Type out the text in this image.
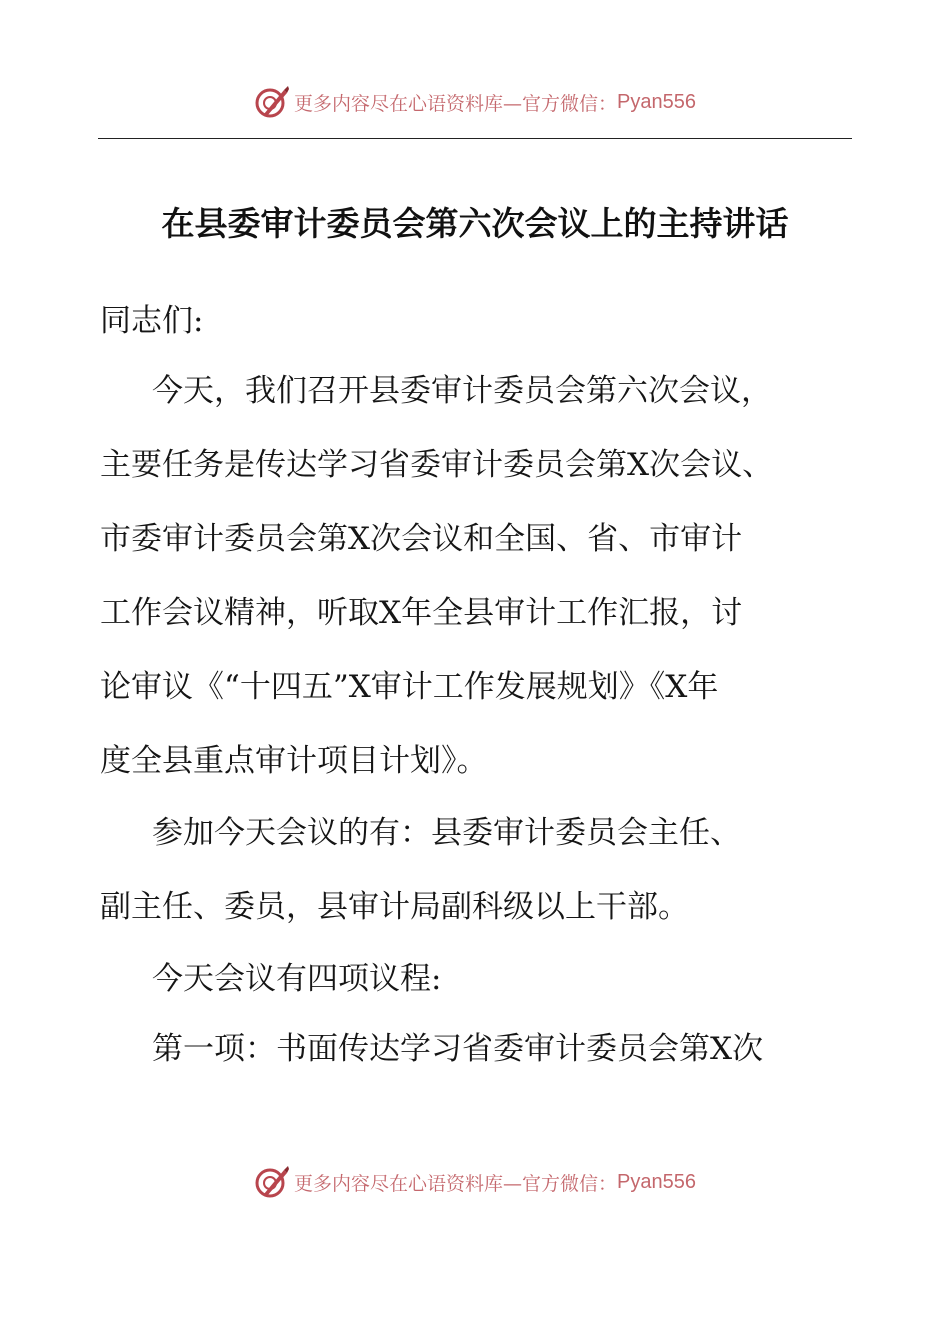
更多内容尽在心语资料库—官方微信： Pyan556
在县委审计委员会第六次会议上的主持讲话
同志们:
今天，我们召开县委审计委员会第六次会议，
主要任务是传达学习省委审计委员会第X次会议、
市委审计委员会第X次会议和全国、省、市审计
工作会议精神，听取X年全县审计工作汇报，讨
论审议《“十四五”X审计工作发展规划》《X年
度全县重点审计项目计划》。
参加今天会议的有：县委审计委员会主任、
副主任、委员，县审计局副科级以上干部。
今天会议有四项议程:
第一项：书面传达学习省委审计委员会第X次
更多内容尽在心语资料库—官方微信： Pyan556
